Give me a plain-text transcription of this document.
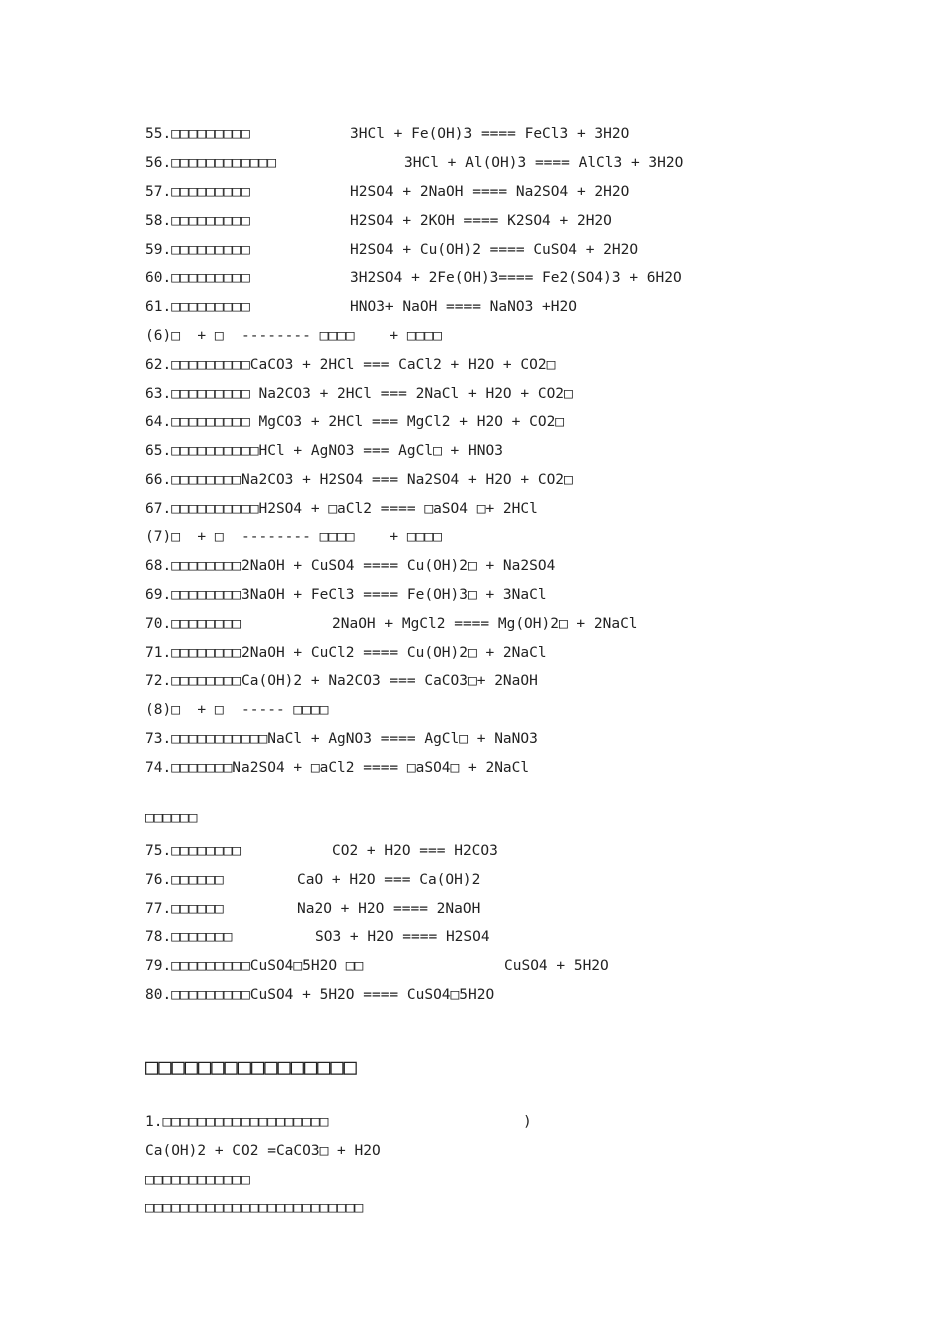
55.□□□□□□□□□	3HCl + Fe(OH)3 ==== FeCl3 + 3H2O
56.□□□□□□□□□□□□	3HCl + Al(OH)3 ==== AlCl3 + 3H2O
57.□□□□□□□□□	H2SO4 + 2NaOH ==== Na2SO4 + 2H2O
58.□□□□□□□□□	H2SO4 + 2KOH ==== K2SO4 + 2H2O
59.□□□□□□□□□	H2SO4 + Cu(OH)2 ==== CuSO4 + 2H2O
60.□□□□□□□□□	3H2SO4 + 2Fe(OH)3==== Fe2(SO4)3 + 6H2O
61.□□□□□□□□□	HNO3+ NaOH ==== NaNO3 +H2O
(6)□  + □  -------- □□□□    + □□□□
62.□□□□□□□□□CaCO3 + 2HCl === CaCl2 + H2O + CO2□
63.□□□□□□□□□ Na2CO3 + 2HCl === 2NaCl + H2O + CO2□
64.□□□□□□□□□ MgCO3 + 2HCl === MgCl2 + H2O + CO2□
65.□□□□□□□□□□HCl + AgNO3 === AgCl□ + HNO3
66.□□□□□□□□Na2CO3 + H2SO4 === Na2SO4 + H2O + CO2□
67.□□□□□□□□□□H2SO4 + □aCl2 ==== □aSO4 □+ 2HCl
(7)□  + □  -------- □□□□    + □□□□
68.□□□□□□□□2NaOH + CuSO4 ==== Cu(OH)2□ + Na2SO4
69.□□□□□□□□3NaOH + FeCl3 ==== Fe(OH)3□ + 3NaCl
70.□□□□□□□□	2NaOH + MgCl2 ==== Mg(OH)2□ + 2NaCl
71.□□□□□□□□2NaOH + CuCl2 ==== Cu(OH)2□ + 2NaCl
72.□□□□□□□□Ca(OH)2 + Na2CO3 === CaCO3□+ 2NaOH
(8)□  + □  ----- □□□□
73.□□□□□□□□□□□NaCl + AgNO3 ==== AgCl□ + NaNO3
74.□□□□□□□Na2SO4 + □aCl2 ==== □aSO4□ + 2NaCl
□□□□□□
75.□□□□□□□□	CO2 + H2O === H2CO3
76.□□□□□□	CaO + H2O === Ca(OH)2
77.□□□□□□	Na2O + H2O ==== 2NaOH
78.□□□□□□□	SO3 + H2O ==== H2SO4
79.□□□□□□□□□CuSO4□5H2O □□	CuSO4 + 5H2O
80.□□□□□□□□□CuSO4 + 5H2O ==== CuSO4□5H2O
□□□□□□□□□□□□□□□□
1.□□□□□□□□□□□□□□□□□□□	)
Ca(OH)2 + CO2 =CaCO3□ + H2O
□□□□□□□□□□□□
□□□□□□□□□□□□□□□□□□□□□□□□□
